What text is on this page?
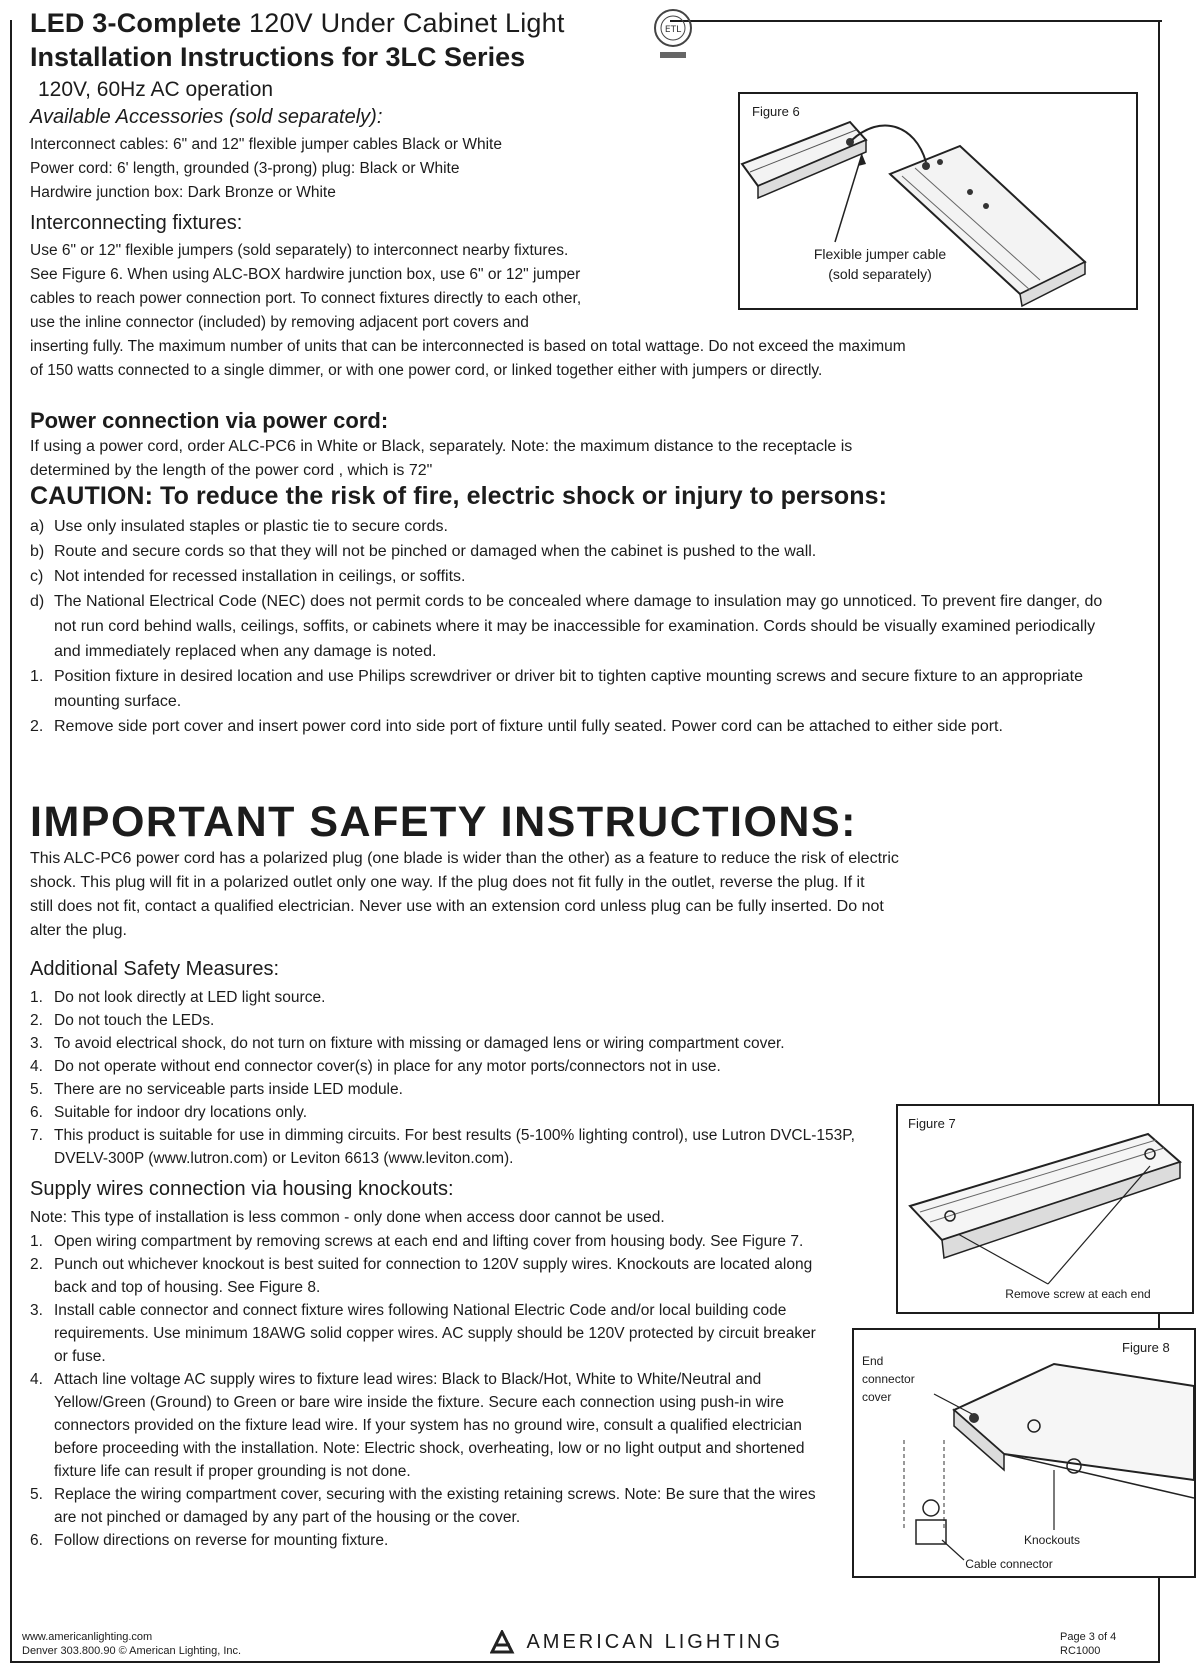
LED 3-Complete 120V Under Cabinet Light
Installation Instructions for 3LC Series
120V, 60Hz AC operation
ETL
Available Accessories (sold separately):
Interconnect cables: 6" and 12" flexible jumper cables Black or White
Power cord: 6' length, grounded (3-prong) plug: Black or White
Hardwire junction box: Dark Bronze or White
Interconnecting fixtures:
Use 6" or 12" flexible jumpers (sold separately) to interconnect nearby fixtures.
See Figure 6. When using ALC-BOX hardwire junction box, use 6" or 12" jumper
cables to reach power connection port. To connect fixtures directly to each other,
use the inline connector (included) by removing adjacent port covers and
inserting fully. The maximum number of units that can be interconnected is based on total wattage. Do not exceed the maximum
of 150 watts connected to a single dimmer, or with one power cord, or linked together either with jumpers or directly.
Figure 6
Flexible jumper cable
(sold separately)
Power connection via power cord:
If using a power cord, order ALC-PC6 in White or Black, separately. Note: the maximum distance to the receptacle is
determined by the length of the power cord , which is 72"
CAUTION: To reduce the risk of fire, electric shock or injury to persons:
a) Use only insulated staples or plastic tie to secure cords.
b) Route and secure cords so that they will not be pinched or damaged when the cabinet is pushed to the wall.
c) Not intended for recessed installation in ceilings, or soffits.
d) The National Electrical Code (NEC) does not permit cords to be concealed where damage to insulation may go unnoticed. To prevent fire danger, do not run cord behind walls, ceilings, soffits, or cabinets where it may be inaccessible for examination. Cords should be visually examined periodically and immediately replaced when any damage is noted.
1. Position fixture in desired location and use Philips screwdriver or driver bit to tighten captive mounting screws and secure fixture to an appropriate mounting surface.
2. Remove side port cover and insert power cord into side port of fixture until fully seated. Power cord can be attached to either side port.
IMPORTANT SAFETY INSTRUCTIONS:
This ALC-PC6 power cord has a polarized plug (one blade is wider than the other) as a feature to reduce the risk of electric
shock. This plug will fit in a polarized outlet only one way. If the plug does not fit fully in the outlet, reverse the plug. If it
still does not fit, contact a qualified electrician. Never use with an extension cord unless plug can be fully inserted. Do not
alter the plug.
Additional Safety Measures:
1. Do not look directly at LED light source.
2. Do not touch the LEDs.
3. To avoid electrical shock, do not turn on fixture with missing or damaged lens or wiring compartment cover.
4. Do not operate without end connector cover(s) in place for any motor ports/connectors not in use.
5. There are no serviceable parts inside LED module.
6. Suitable for indoor dry locations only.
7. This product is suitable for use in dimming circuits. For best results (5-100% lighting control), use Lutron DVCL-153P, DVELV-300P (www.lutron.com) or Leviton 6613 (www.leviton.com).
Supply wires connection via housing knockouts:
Note: This type of installation is less common - only done when access door cannot be used.
1. Open wiring compartment by removing screws at each end and lifting cover from housing body. See Figure 7.
2. Punch out whichever knockout is best suited for connection to 120V supply wires. Knockouts are located along back and top of housing. See Figure 8.
3. Install cable connector and connect fixture wires following National Electric Code and/or local building code requirements. Use minimum 18AWG solid copper wires. AC supply should be 120V protected by circuit breaker or fuse.
4. Attach line voltage AC supply wires to fixture lead wires: Black to Black/Hot, White to White/Neutral and Yellow/Green (Ground) to Green or bare wire inside the fixture. Secure each connection using push-in wire connectors provided on the fixture lead wire. If your system has no ground wire, consult a qualified electrician before proceeding with the installation. Note: Electric shock, overheating, low or no light output and shortened fixture life can result if proper grounding is not done.
5. Replace the wiring compartment cover, securing with the existing retaining screws. Note: Be sure that the wires are not pinched or damaged by any part of the housing or the cover.
6. Follow directions on reverse for mounting fixture.
Figure 7
Remove screw at each end
Figure 8
End
connector
cover
Knockouts
Cable connector
www.americanlighting.com
Denver 303.800.90 © American Lighting, Inc.	AMERICAN LIGHTING	Page 3 of 4
RC1000
